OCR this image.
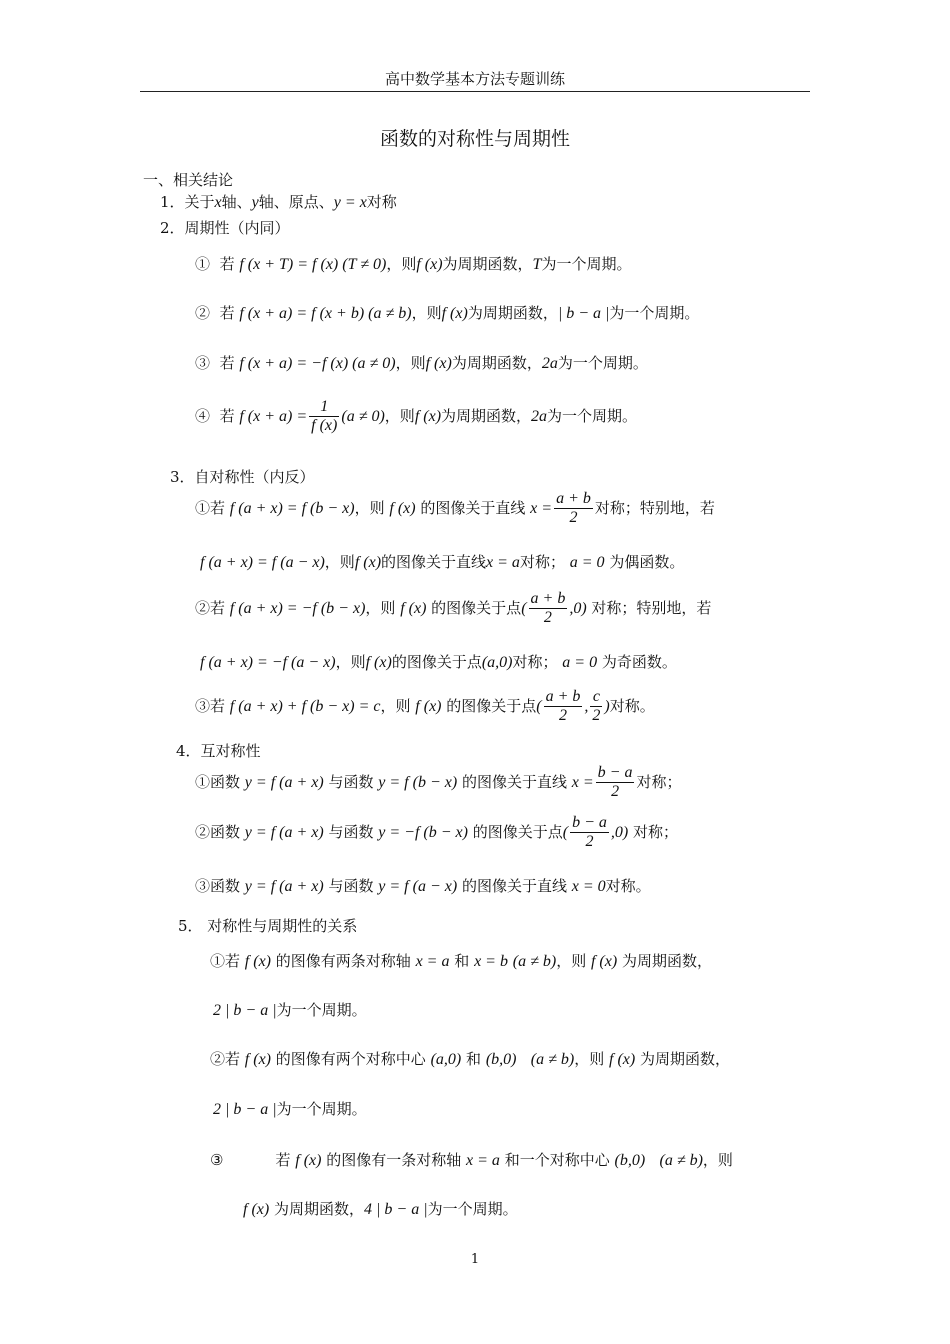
高中数学基本方法专题训练
函数的对称性与周期性
一、相关结论
1．关于x轴、y轴、原点、y = x对称
2．周期性（内同）
① 若 f (x + T) = f (x) (T ≠ 0)，则f (x)为周期函数，T为一个周期。
② 若 f (x + a) = f (x + b) (a ≠ b)，则f (x)为周期函数，| b − a |为一个周期。
③ 若 f (x + a) = −f (x) (a ≠ 0)，则f (x)为周期函数，2a为一个周期。
④ 若 f $(x + a) = \frac{1}{f (x)} (a \ne 0)$，则f (x)为周期函数，2a为一个周期。
3．自对称性（内反）
①若 f (a + x) = f (b − x)，则 f (x) 的图像关于直线 $x = \frac{a + b}{2}$ 对称；特别地，若
f (a + x) = f (a − x)，则f (x)的图像关于直线x = a对称； a = 0 为偶函数。
②若 f (a + x) = −f (b − x)，则 f (x) 的图像关于点( $\frac{a + b}{2} ,0$) 对称；特别地，若
f (a + x) = −f (a − x)，则f (x)的图像关于点(a,0)对称； a = 0 为奇函数。
③若 f (a + x) + f (b − x) = c，则 f (x) 的图像关于点( $\frac{a + b}{2}$ , $\frac{c}{2}$ )对称。
4．互对称性
①函数 y = f (a + x) 与函数 y = f (b − x) 的图像关于直线 $x = \frac{b - a}{2}$ 对称；
②函数 y = f (a + x) 与函数 y = −f (b − x) 的图像关于点( $\frac{b - a}{2} ,0$) 对称；
③函数 y = f (a + x) 与函数 y = f (a − x) 的图像关于直线 x = 0对称。
5． 对称性与周期性的关系
①若 f (x) 的图像有两条对称轴 x = a 和 x = b (a ≠ b)，则 f (x) 为周期函数，
2 | b − a |为一个周期。
②若 f (x) 的图像有两个对称中心 (a,0) 和 (b,0) (a ≠ b)，则 f (x) 为周期函数，
2 | b − a |为一个周期。
③	若 f (x) 的图像有一条对称轴 x = a 和一个对称中心 (b,0) (a ≠ b)，则
f (x) 为周期函数，4 | b − a |为一个周期。
1
